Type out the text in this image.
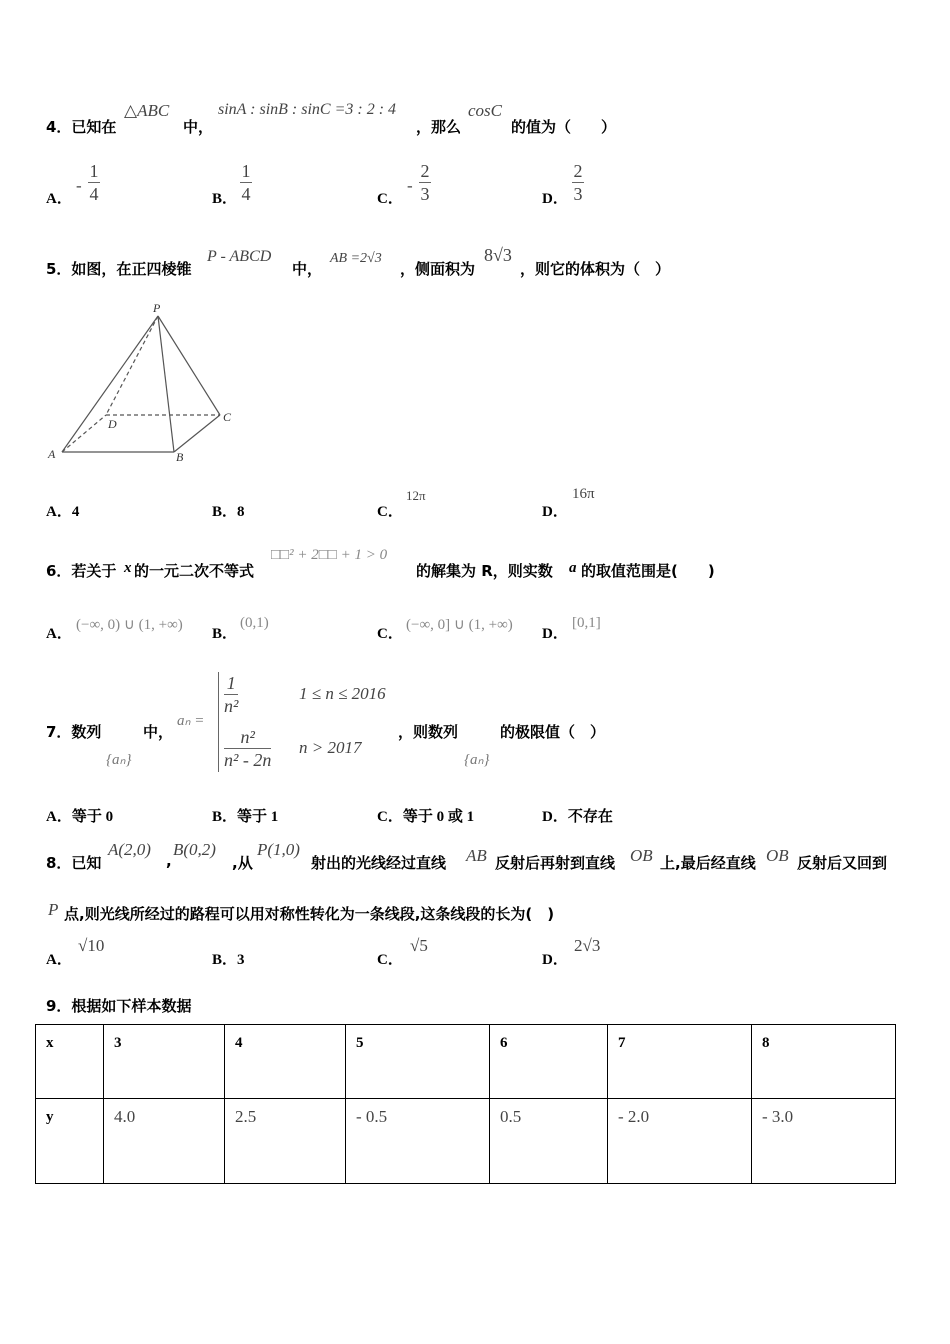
4．已知在
△ABC
中，
sinA : sinB : sinC =3 : 2 : 4
，那么
cosC
的值为（　　）
A．
-
1
4	B．
1
4	C．
-
2
3	D．
2
3
5．如图，在正四棱锥
P - ABCD
中，
AB =2√3
，侧面积为
8√3
，则它的体积为（　）
P
A	B
C
D
A．4	B．8	C．
12π
D．
16π
6．若关于 x 的一元二次不等式
□□² + 2□□ + 1 > 0
的解集为 R，则实数 a 的取值范围是(　　)
A．
(−∞, 0) ∪ (1, +∞)
B．
(0,1)
C．
(−∞, 0] ∪ (1, +∞)
D．
[0,1]
7．数列
{aₙ}
中，
aₙ =
1
n²
1 ≤ n ≤ 2016
n²
n² - 2n
n > 2017
，则数列
{aₙ}
的极限值（　）
A．等于 0	B．等于 1	C．等于 0 或 1	D．不存在
8．已知
A(2,0)
,
B(0,2)
,从
P(1,0)
射出的光线经过直线 AB 反射后再射到直线 OB 上,最后经直线 OB 反射后又回到
P 点,则光线所经过的路程可以用对称性转化为一条线段,这条线段的长为(　)
A．
√10
B．3	C．
√5
D．
2√3
9．根据如下样本数据
x	3	4	5	6	7	8
y	4.0	2.5	- 0.5	0.5	- 2.0	- 3.0
